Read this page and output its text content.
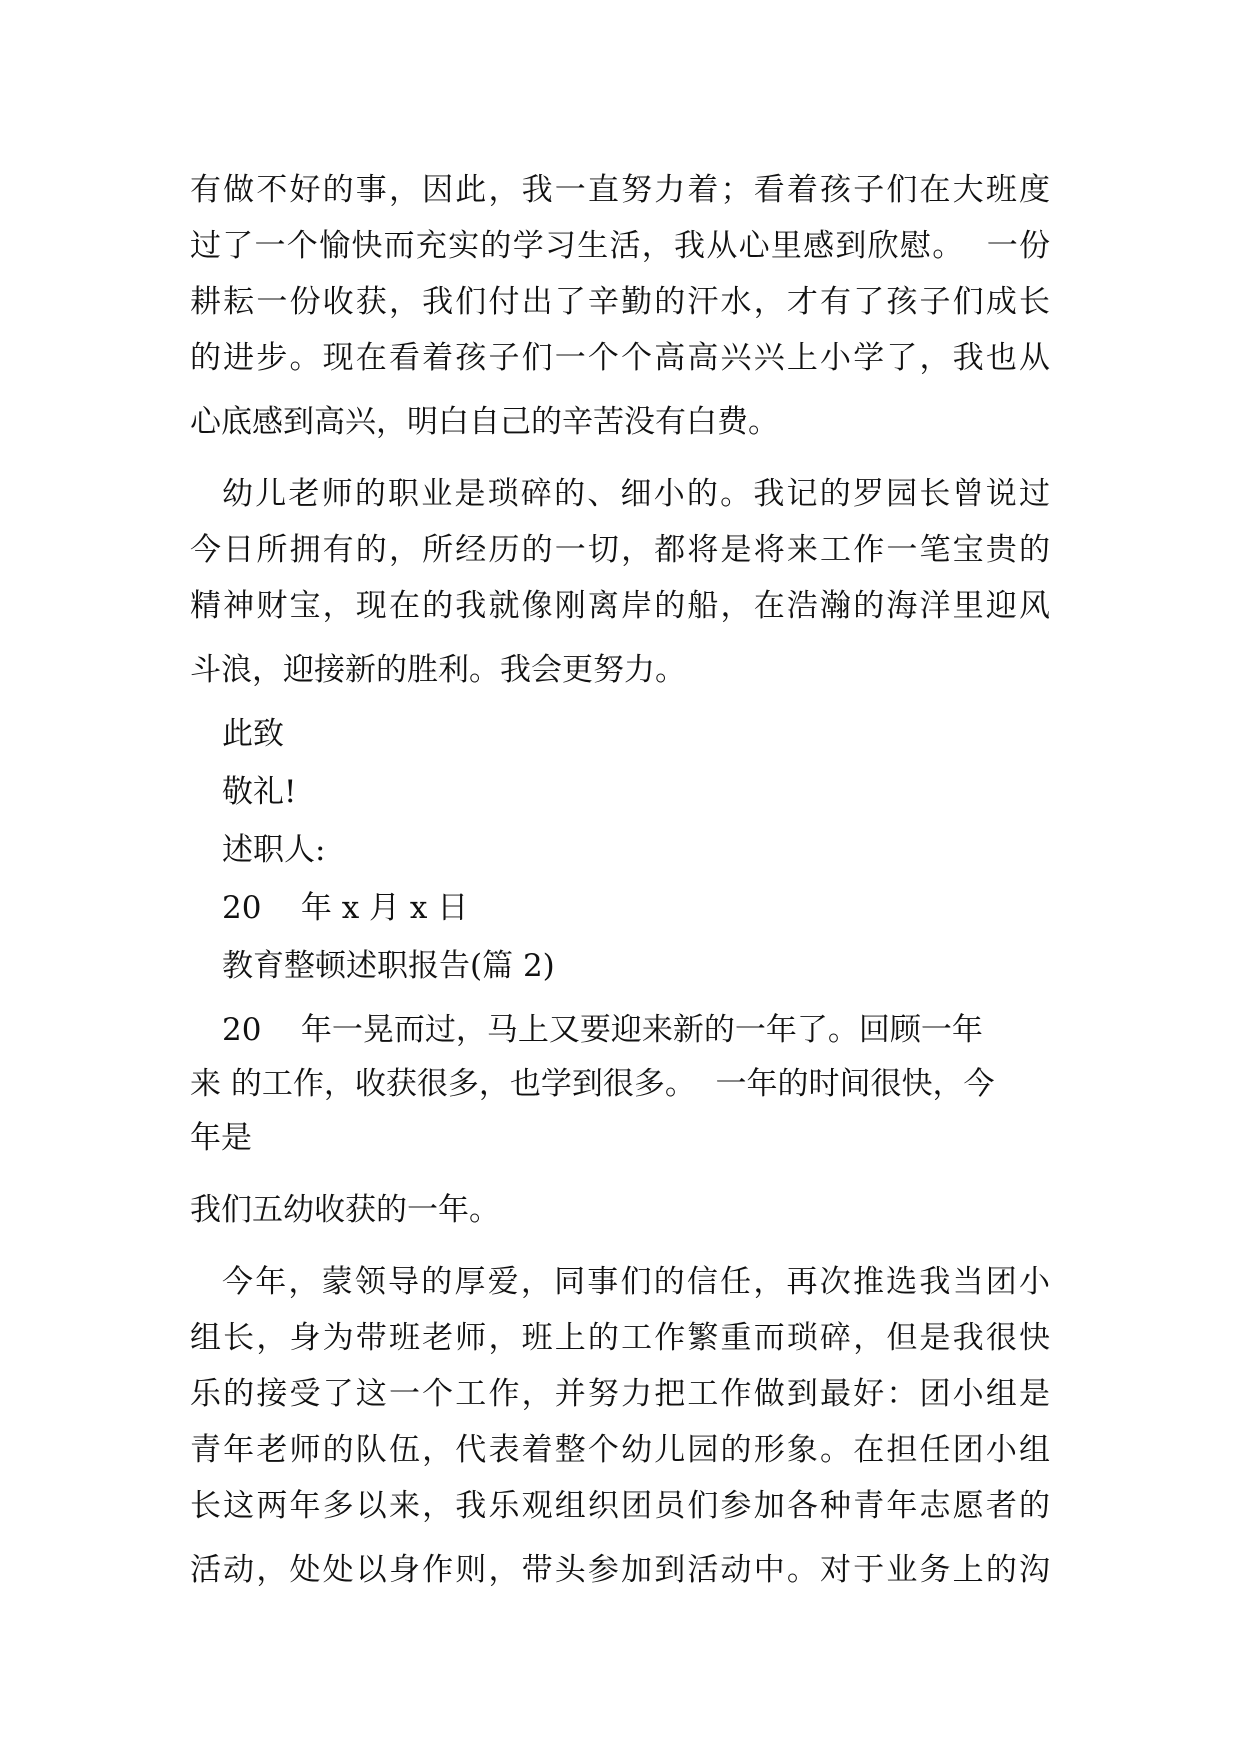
有做不好的事，因此，我一直努力着；看着孩子们在大班度

过了一个愉快而充实的学习生活，我从心里感到欣慰。  一份

耕耘一份收获，我们付出了辛勤的汗水，才有了孩子们成长

的进步。现在看着孩子们一个个高高兴兴上小学了，我也从

心底感到高兴，明白自己的辛苦没有白费。

幼儿老师的职业是琐碎的、细小的。我记的罗园长曾说过

今日所拥有的，所经历的一切，都将是将来工作一笔宝贵的

精神财宝，现在的我就像刚离岸的船，在浩瀚的海洋里迎风

斗浪，迎接新的胜利。我会更努力。

此致

敬礼!

述职人:

20    年 x 月 x 日

教育整顿述职报告(篇 2)

20    年一晃而过，马上又要迎来新的一年了。回顾一年

来 的工作，收获很多，也学到很多。  一年的时间很快，今

年是

我们五幼收获的一年。

今年，蒙领导的厚爱，同事们的信任，再次推选我当团小

组长，身为带班老师，班上的工作繁重而琐碎，但是我很快

乐的接受了这一个工作，并努力把工作做到最好：团小组是

青年老师的队伍，代表着整个幼儿园的形象。在担任团小组

长这两年多以来，我乐观组织团员们参加各种青年志愿者的

活动，处处以身作则，带头参加到活动中。对于业务上的沟
